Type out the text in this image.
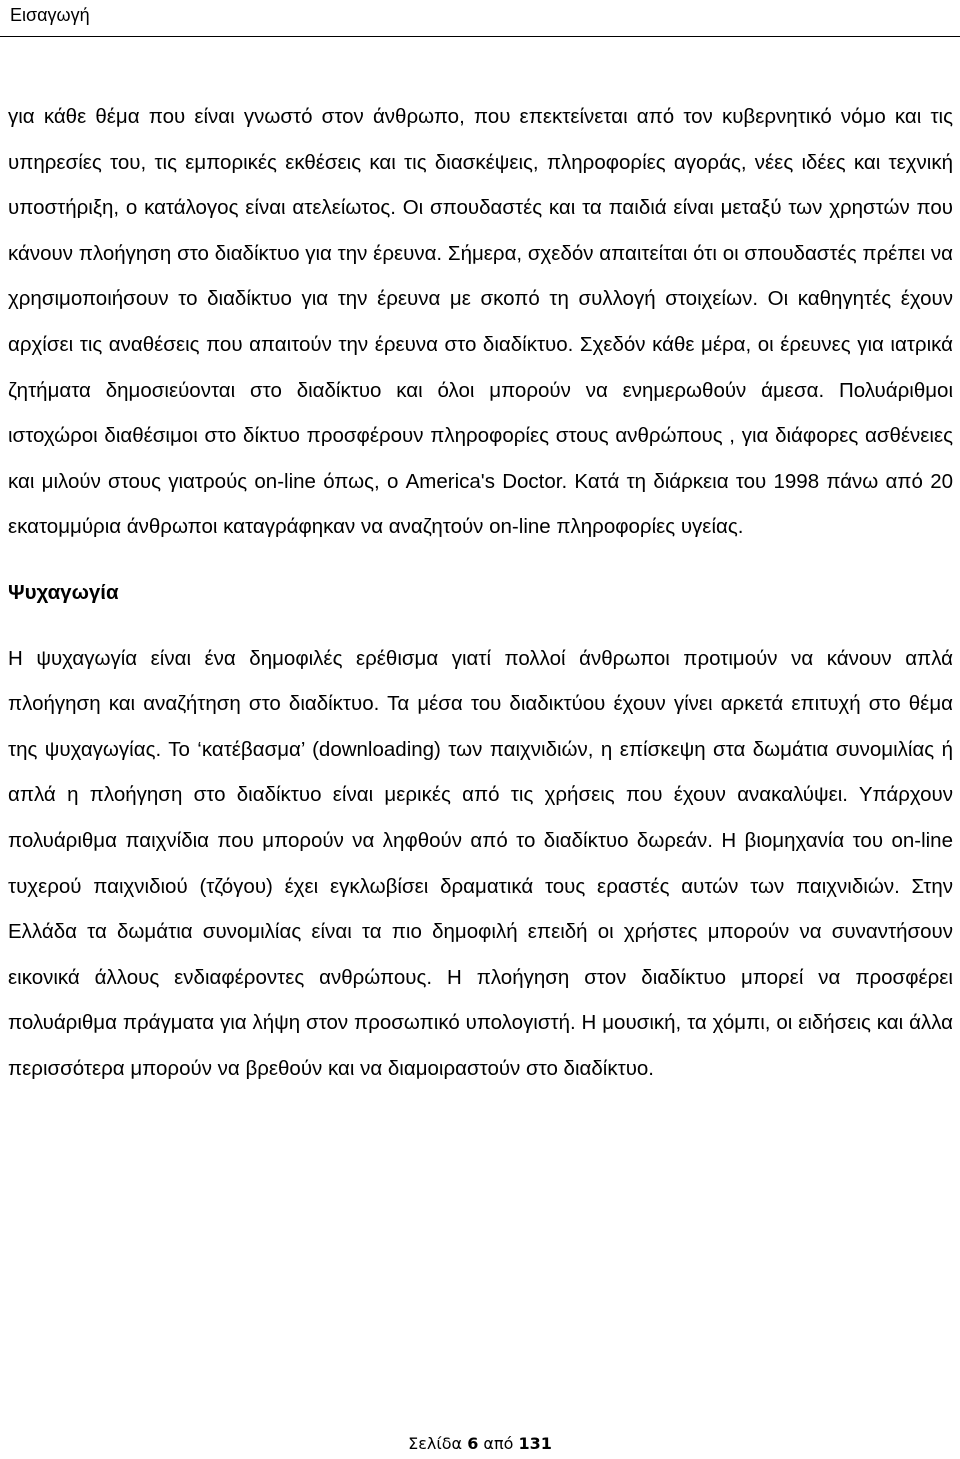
Εισαγωγή

για κάθε θέμα που είναι γνωστό στον άνθρωπο, που επεκτείνεται από τον κυβερνητικό νόμο και τις υπηρεσίες του, τις εμπορικές εκθέσεις και τις διασκέψεις, πληροφορίες αγοράς, νέες ιδέες και τεχνική υποστήριξη, ο κατάλογος είναι ατελείωτος. Οι σπουδαστές και τα παιδιά είναι μεταξύ των χρηστών που κάνουν πλοήγηση στο διαδίκτυο για την έρευνα. Σήμερα, σχεδόν απαιτείται ότι οι σπουδαστές πρέπει να χρησιμοποιήσουν το διαδίκτυο για την έρευνα με σκοπό τη συλλογή στοιχείων. Οι καθηγητές έχουν αρχίσει τις αναθέσεις που απαιτούν την έρευνα στο διαδίκτυο. Σχεδόν κάθε μέρα, οι έρευνες για ιατρικά ζητήματα δημοσιεύονται στο διαδίκτυο και όλοι μπορούν να ενημερωθούν άμεσα. Πολυάριθμοι ιστοχώροι διαθέσιμοι στο δίκτυο προσφέρουν πληροφορίες στους ανθρώπους , για διάφορες ασθένειες και μιλούν στους γιατρούς on-line όπως, ο America's Doctor. Κατά τη διάρκεια του 1998 πάνω από 20 εκατομμύρια άνθρωποι καταγράφηκαν να αναζητούν on-line πληροφορίες υγείας.

Ψυχαγωγία

Η ψυχαγωγία είναι ένα δημοφιλές ερέθισμα γιατί πολλοί άνθρωποι προτιμούν να κάνουν απλά πλοήγηση και αναζήτηση στο διαδίκτυο. Τα μέσα του διαδικτύου έχουν γίνει αρκετά επιτυχή στο θέμα της ψυχαγωγίας. Το ‘κατέβασμα’ (downloading) των παιχνιδιών, η επίσκεψη στα δωμάτια συνομιλίας ή απλά η πλοήγηση στο διαδίκτυο είναι μερικές από τις χρήσεις που έχουν ανακαλύψει. Υπάρχουν πολυάριθμα παιχνίδια που μπορούν να ληφθούν από το διαδίκτυο δωρεάν. Η βιομηχανία του on-line τυχερού παιχνιδιού (τζόγου) έχει εγκλωβίσει δραματικά τους εραστές αυτών των παιχνιδιών. Στην Ελλάδα τα δωμάτια συνομιλίας είναι τα πιο δημοφιλή επειδή οι χρήστες μπορούν να συναντήσουν εικονικά άλλους ενδιαφέροντες ανθρώπους. Η πλοήγηση στον διαδίκτυο μπορεί να προσφέρει πολυάριθμα πράγματα για λήψη στον προσωπικό υπολογιστή. Η μουσική, τα χόμπι, οι ειδήσεις και άλλα περισσότερα μπορούν να βρεθούν και να διαμοιραστούν στο διαδίκτυο.

Σελίδα 6 από 131
